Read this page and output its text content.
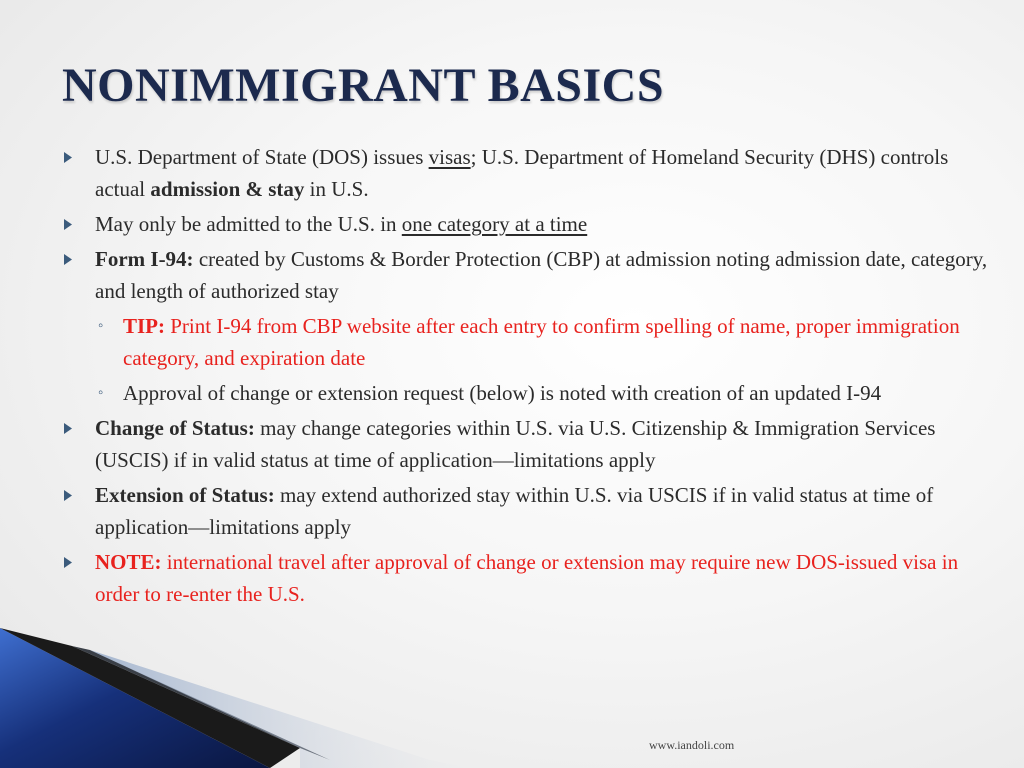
NONIMMIGRANT BASICS
U.S. Department of State (DOS) issues visas; U.S. Department of Homeland Security (DHS) controls actual admission & stay in U.S.
May only be admitted to the U.S. in one category at a time
Form I-94: created by Customs & Border Protection (CBP) at admission noting admission date, category, and length of authorized stay
◦ TIP: Print I-94 from CBP website after each entry to confirm spelling of name, proper immigration category, and expiration date
◦ Approval of change or extension request (below) is noted with creation of an updated I-94
Change of Status: may change categories within U.S. via U.S. Citizenship & Immigration Services (USCIS) if in valid status at time of application—limitations apply
Extension of Status: may extend authorized stay within U.S. via USCIS if in valid status at time of application—limitations apply
NOTE: international travel after approval of change or extension may require new DOS-issued visa in order to re-enter the U.S.
www.iandoli.com
